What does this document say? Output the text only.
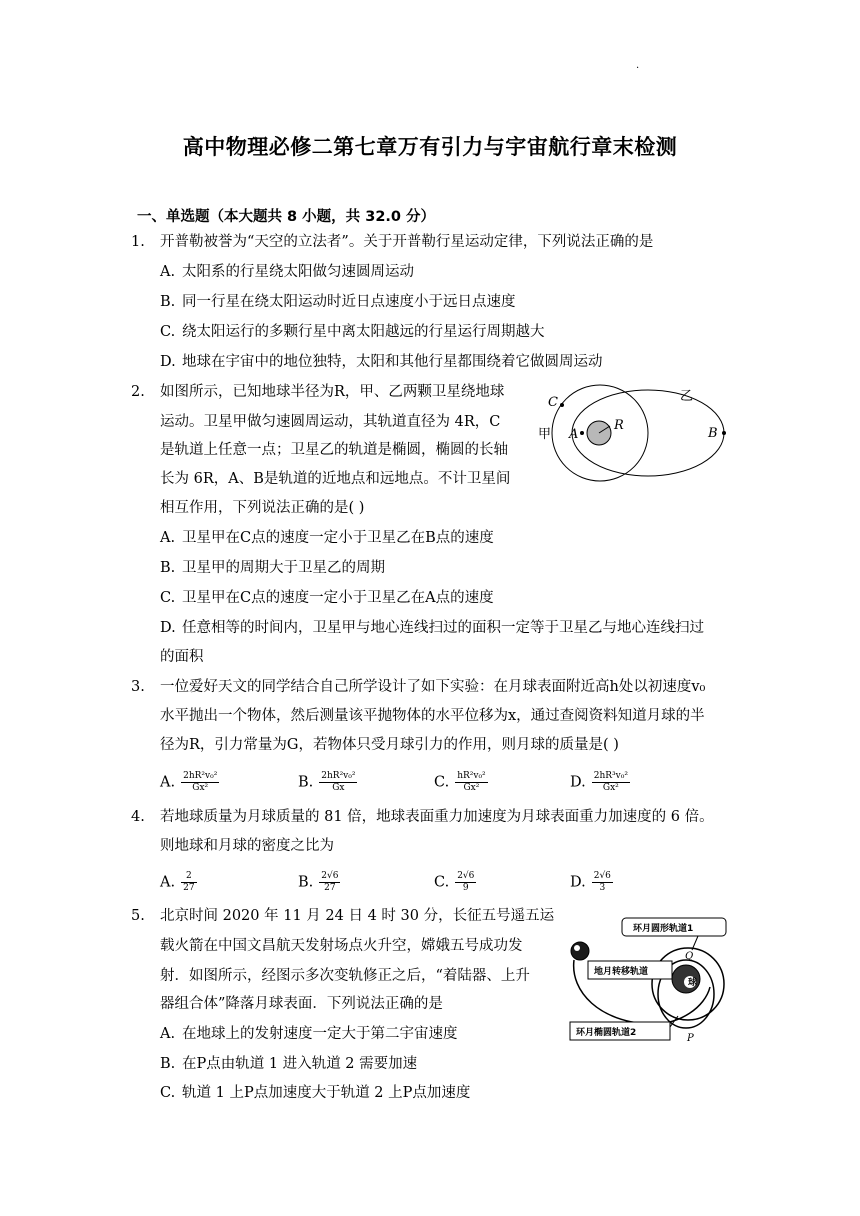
.
高中物理必修二第七章万有引力与宇宙航行章末检测
一、单选题（本大题共 8 小题，共 32.0 分）
1. 开普勒被誉为“天空的立法者”。关于开普勒行星运动定律，下列说法正确的是
A. 太阳系的行星绕太阳做匀速圆周运动
B. 同一行星在绕太阳运动时近日点速度小于远日点速度
C. 绕太阳运行的多颗行星中离太阳越远的行星运行周期越大
D. 地球在宇宙中的地位独特，太阳和其他行星都围绕着它做圆周运动
2. 如图所示，已知地球半径为R，甲、乙两颗卫星绕地球
运动。卫星甲做匀速圆周运动，其轨道直径为 4R，C
是轨道上任意一点；卫星乙的轨道是椭圆，椭圆的长轴
长为 6R，A、B是轨道的近地点和远地点。不计卫星间
相互作用，下列说法正确的是( )
A. 卫星甲在C点的速度一定小于卫星乙在B点的速度
B. 卫星甲的周期大于卫星乙的周期
C. 卫星甲在C点的速度一定小于卫星乙在A点的速度
D. 任意相等的时间内，卫星甲与地心连线扫过的面积一定等于卫星乙与地心连线扫过
的面积
C
甲 A
R
乙
B
3. 一位爱好天文的同学结合自己所学设计了如下实验：在月球表面附近高h处以初速度v₀
水平抛出一个物体，然后测量该平抛物体的水平位移为x，通过查阅资料知道月球的半
径为R，引力常量为G，若物体只受月球引力的作用，则月球的质量是( )
A. $\frac{\text{2hR²v₀²}}{\text{Gx²}}$	B. $\frac{\text{2hR²v₀²}}{Gx}$	C. $\frac{\text{hR²v₀²}}{\text{Gx²}}$	D. $\frac{\text{2hR³v₀²}}{\text{Gx²}}$
4. 若地球质量为月球质量的 81 倍，地球表面重力加速度为月球表面重力加速度的 6 倍。
则地球和月球的密度之比为
A. $\frac{2}{27}$	B. $\frac{2√6}{27}$	C. $\frac{2√6}{9}$	D. $\frac{2√6}{3}$
5. 北京时间 2020 年 11 月 24 日 4 时 30 分，长征五号遥五运
载火箭在中国文昌航天发射场点火升空，嫦娥五号成功发
射．如图所示，经图示多次变轨修正之后，“着陆器、上升
器组合体”降落月球表面．下列说法正确的是
A. 在地球上的发射速度一定大于第二宇宙速度
B. 在P点由轨道 1 进入轨道 2 需要加速
C. 轨道 1 上P点加速度大于轨道 2 上P点加速度
球
Q
P
环月圆形轨道1
地月转移轨道
环月椭圆轨道2
